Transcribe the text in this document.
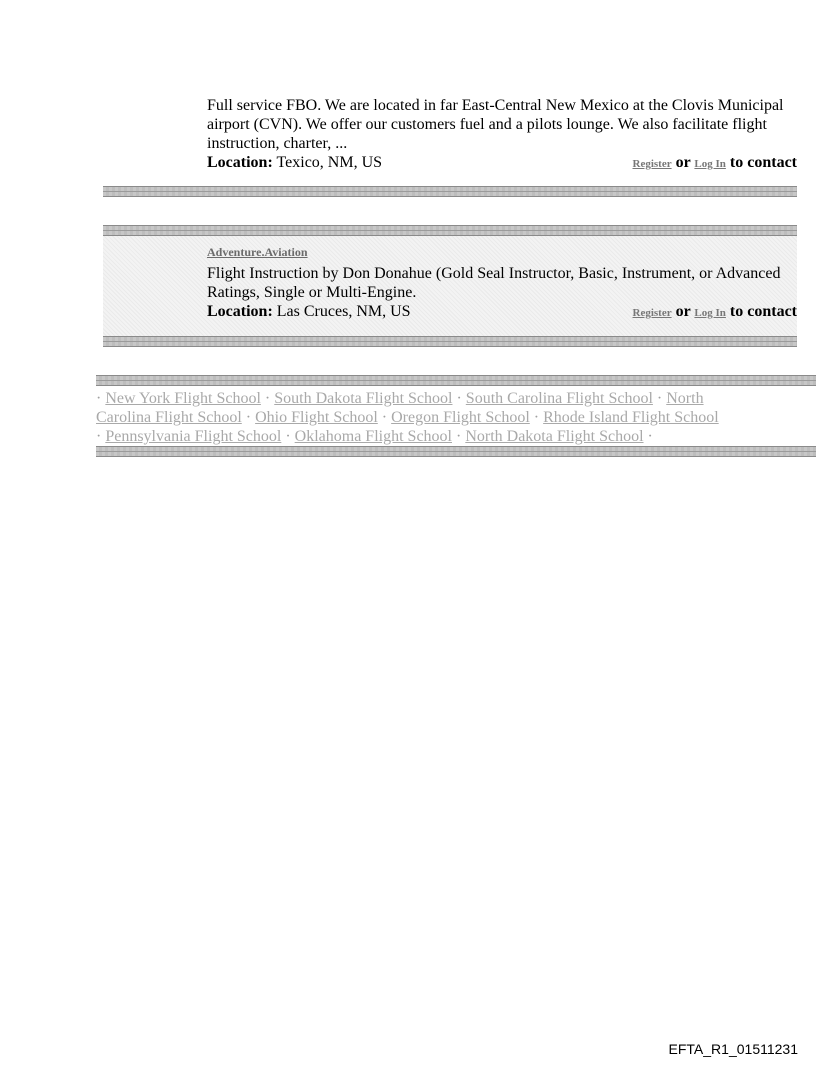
Full service FBO. We are located in far East-Central New Mexico at the Clovis Municipal airport (CVN). We offer our customers fuel and a pilots lounge. We also facilitate flight instruction, charter, ...
Location: Texico, NM, US	Register or Log In to contact
Adventure.Aviation
Flight Instruction by Don Donahue (Gold Seal Instructor, Basic, Instrument, or Advanced Ratings, Single or Multi-Engine.
Location: Las Cruces, NM, US	Register or Log In to contact
· New York Flight School · South Dakota Flight School · South Carolina Flight School · North Carolina Flight School · Ohio Flight School · Oregon Flight School · Rhode Island Flight School · Pennsylvania Flight School · Oklahoma Flight School · North Dakota Flight School ·
EFTA_R1_01511231
